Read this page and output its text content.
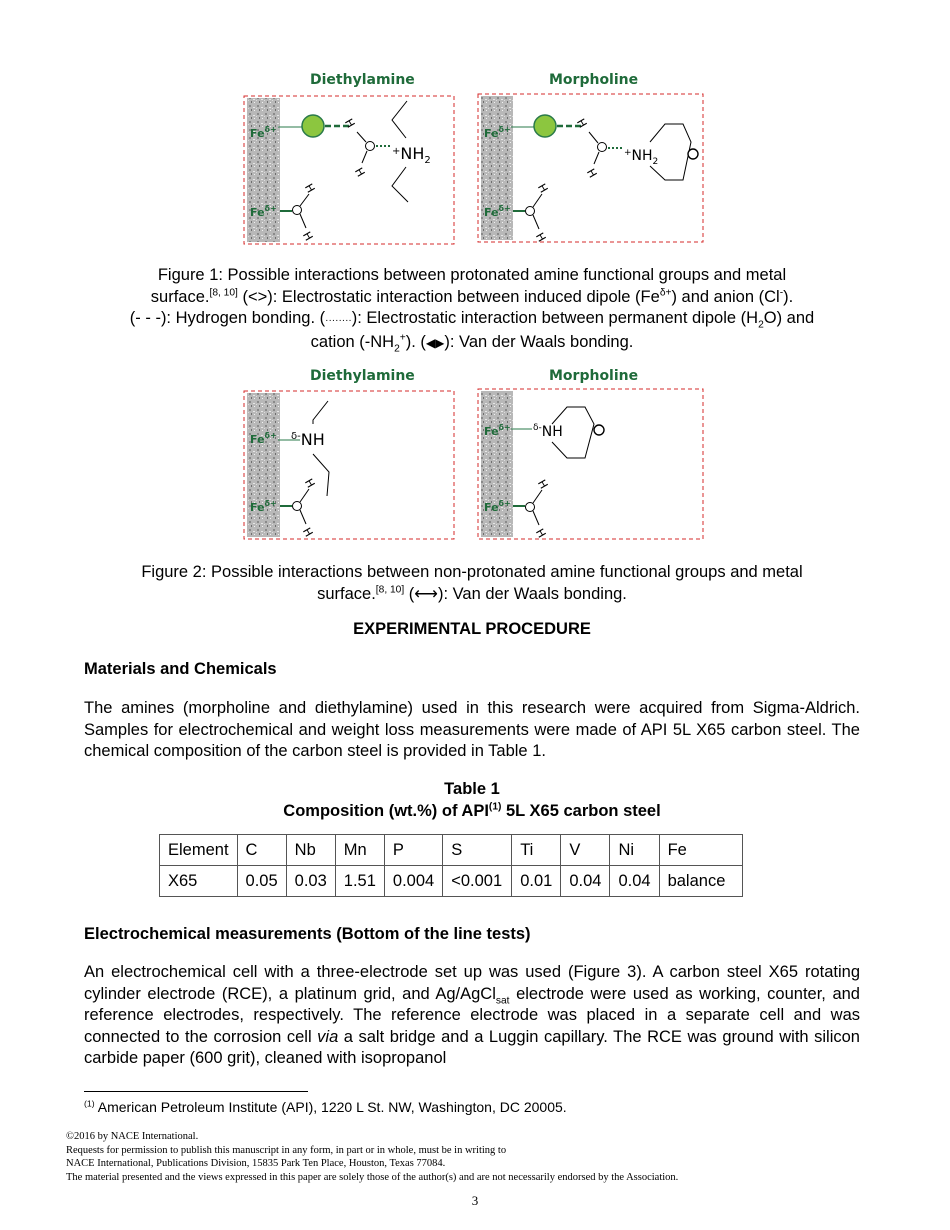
Diethylamine	Morpholine
$Fe^{\delta+}$	H
H
$^+NH_2$
$Fe^{\delta+}$
H
H
$Fe^{\delta+}$	H
H
$^+NH_2$
$Fe^{\delta+}$
H
H
Figure 1: Possible interactions between protonated amine functional groups and metal
surface.[8, 10] (<>): Electrostatic interaction between induced dipole $(Fe^{\delta+})$ and anion (Cl-).
(- - -): Hydrogen bonding. (········): Electrostatic interaction between permanent dipole $(H_2O)$ and
cation $(-NH_2^+)$. (◀▶): Van der Waals bonding.
Diethylamine	Morpholine
$Fe^{\delta+}$ $^{\delta-}$NH
$Fe^{\delta+}$
H
H
$Fe^{\delta+}$ $^{\delta-}$NH
$Fe^{\delta+}$
H
H
Figure 2: Possible interactions between non-protonated amine functional groups and metal
surface.[8, 10] (⟷): Van der Waals bonding.
EXPERIMENTAL PROCEDURE
Materials and Chemicals
The amines (morpholine and diethylamine) used in this research were acquired from Sigma-Aldrich. Samples for electrochemical and weight loss measurements were made of API 5L X65 carbon steel. The chemical composition of the carbon steel is provided in Table 1.
Table 1
Composition (wt.%) of API$^{(1)}$ 5L X65 carbon steel
Element	C	Nb	Mn	P	S	Ti	V	Ni	Fe
X65	0.05	0.03	1.51	0.004	<0.001	0.01	0.04	0.04	balance
Electrochemical measurements (Bottom of the line tests)
An electrochemical cell with a three-electrode set up was used (Figure 3). A carbon steel X65 rotating cylinder electrode (RCE), a platinum grid, and Ag/AgCl$_{sat}$ electrode were used as working, counter, and reference electrodes, respectively. The reference electrode was placed in a separate cell and was connected to the corrosion cell via a salt bridge and a Luggin capillary. The RCE was ground with silicon carbide paper (600 grit), cleaned with isopropanol
$^{(1)}$ American Petroleum Institute (API), 1220 L St. NW, Washington, DC 20005.
©2016 by NACE International.
Requests for permission to publish this manuscript in any form, in part or in whole, must be in writing to
NACE International, Publications Division, 15835 Park Ten Place, Houston, Texas 77084.
The material presented and the views expressed in this paper are solely those of the author(s) and are not necessarily endorsed by the Association.
3
